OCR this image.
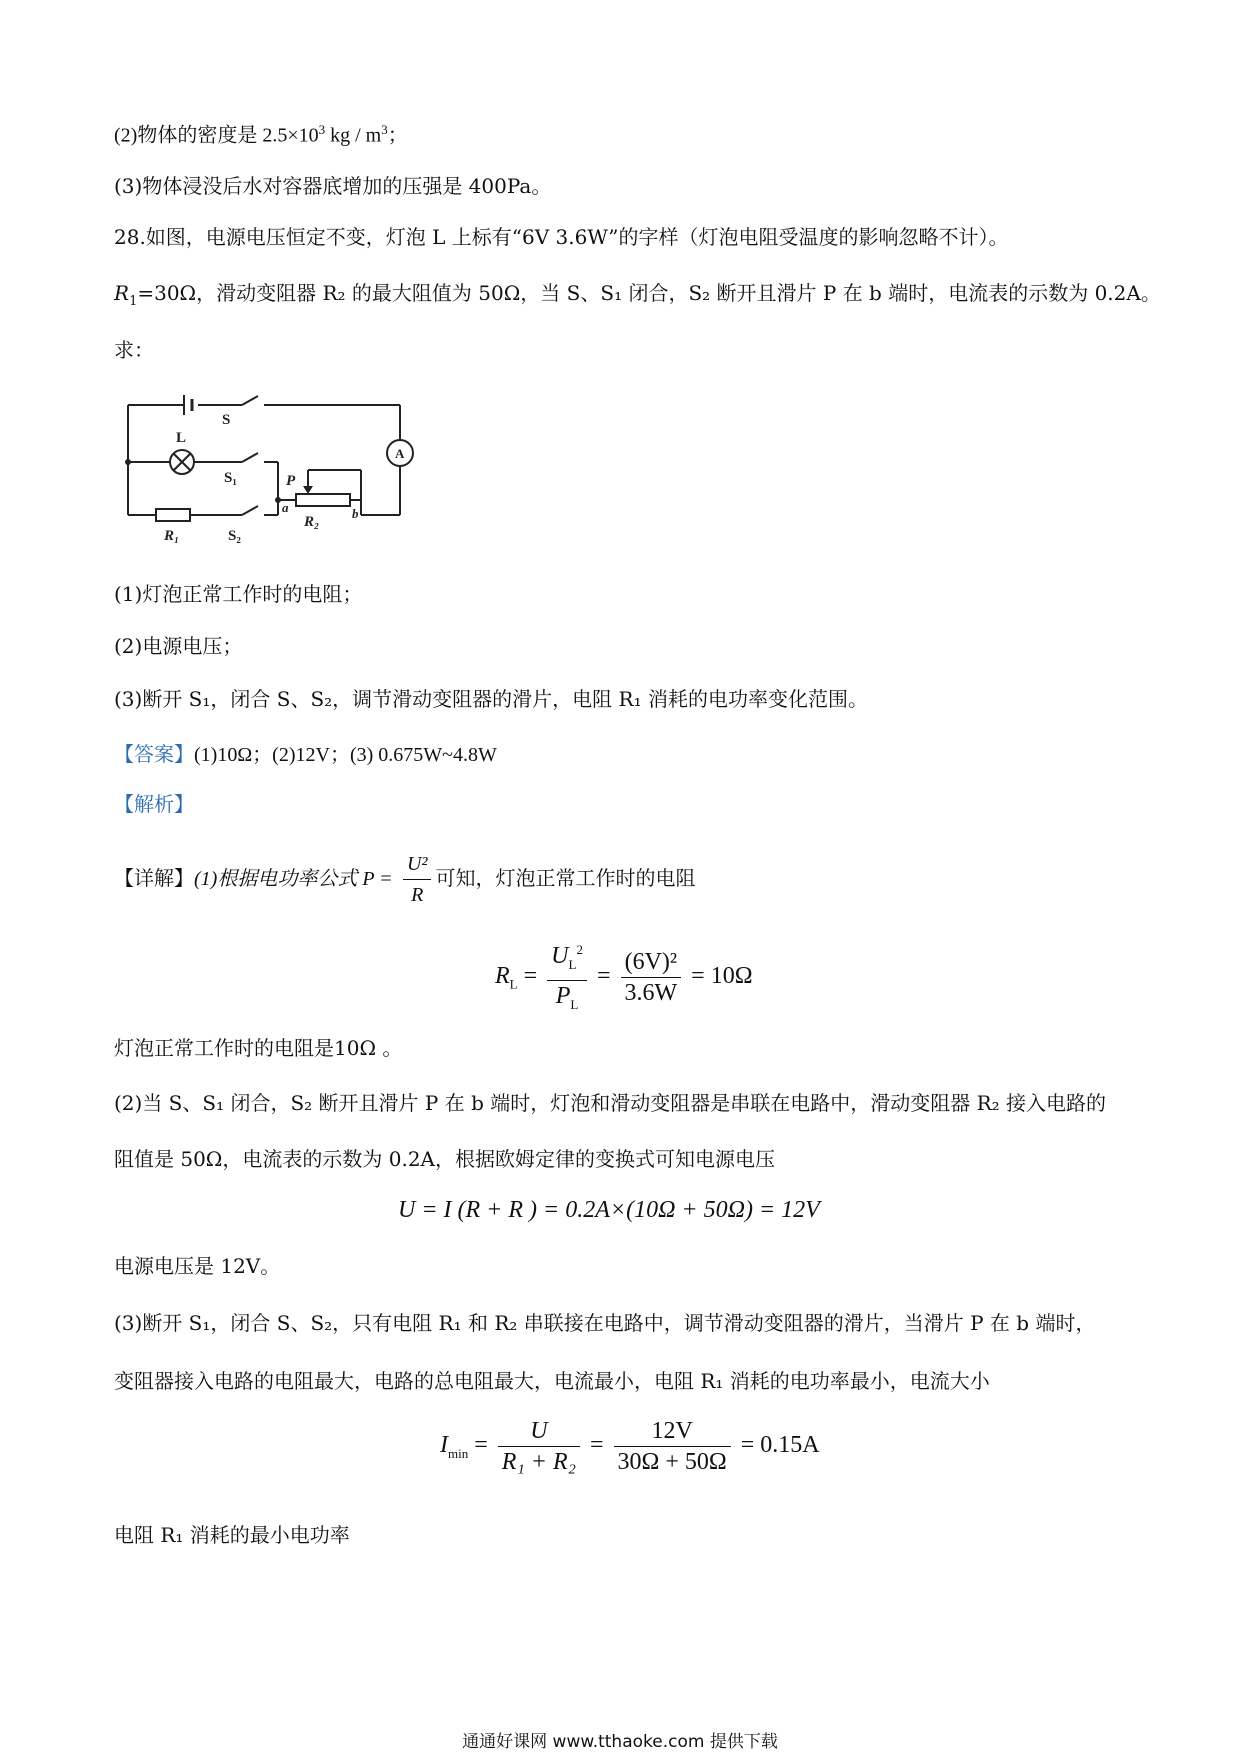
(2)物体的密度是 $2.5\times 10^3$ kg / $m^3$；
(3)物体浸没后水对容器底增加的压强是 400Pa。
28.如图，电源电压恒定不变，灯泡 L 上标有“6V 3.6W”的字样（灯泡电阻受温度的影响忽略不计）。
$R_1=30\Omega$，滑动变阻器 R₂ 的最大阻值为 50Ω，当 S、S₁ 闭合，S₂ 断开且滑片 P 在 b 端时，电流表的示数为 0.2A。
求：
S
L
S₁
S₂
R₁
P
a	b
R₂
A
(1)灯泡正常工作时的电阻；
(2)电源电压；
(3)断开 S₁，闭合 S、S₂，调节滑动变阻器的滑片，电阻 R₁ 消耗的电功率变化范围。
【答案】(1)10Ω；(2)12V；(3) 0.675W~4.8W
【解析】
【详解】(1)根据电功率公式 $P = \frac{\text{U²}}{R}$ 可知，灯泡正常工作时的电阻
$R_L = \frac{U_L^2}{P_L} = \frac{\text{(6V)²}}{3.6W} = 10\Omega$
灯泡正常工作时的电阻是10Ω 。
(2)当 S、S₁ 闭合，S₂ 断开且滑片 P 在 b 端时，灯泡和滑动变阻器是串联在电路中，滑动变阻器 R₂ 接入电路的
阻值是 50Ω，电流表的示数为 0.2A，根据欧姆定律的变换式可知电源电压
U = I (R + R ) = 0.2A×(10Ω + 50Ω) = 12V
电源电压是 12V。
(3)断开 S₁，闭合 S、S₂，只有电阻 R₁ 和 R₂ 串联接在电路中，调节滑动变阻器的滑片，当滑片 P 在 b 端时，
变阻器接入电路的电阻最大，电路的总电阻最大，电流最小，电阻 R₁ 消耗的电功率最小，电流大小
$I_{min} = \frac{U}{\text{R₁ + R₂}} = \frac{12V}{30\Omega + 50\Omega} = 0.15A$
电阻 R₁ 消耗的最小电功率
通通好课网 www.tthaoke.com 提供下载
